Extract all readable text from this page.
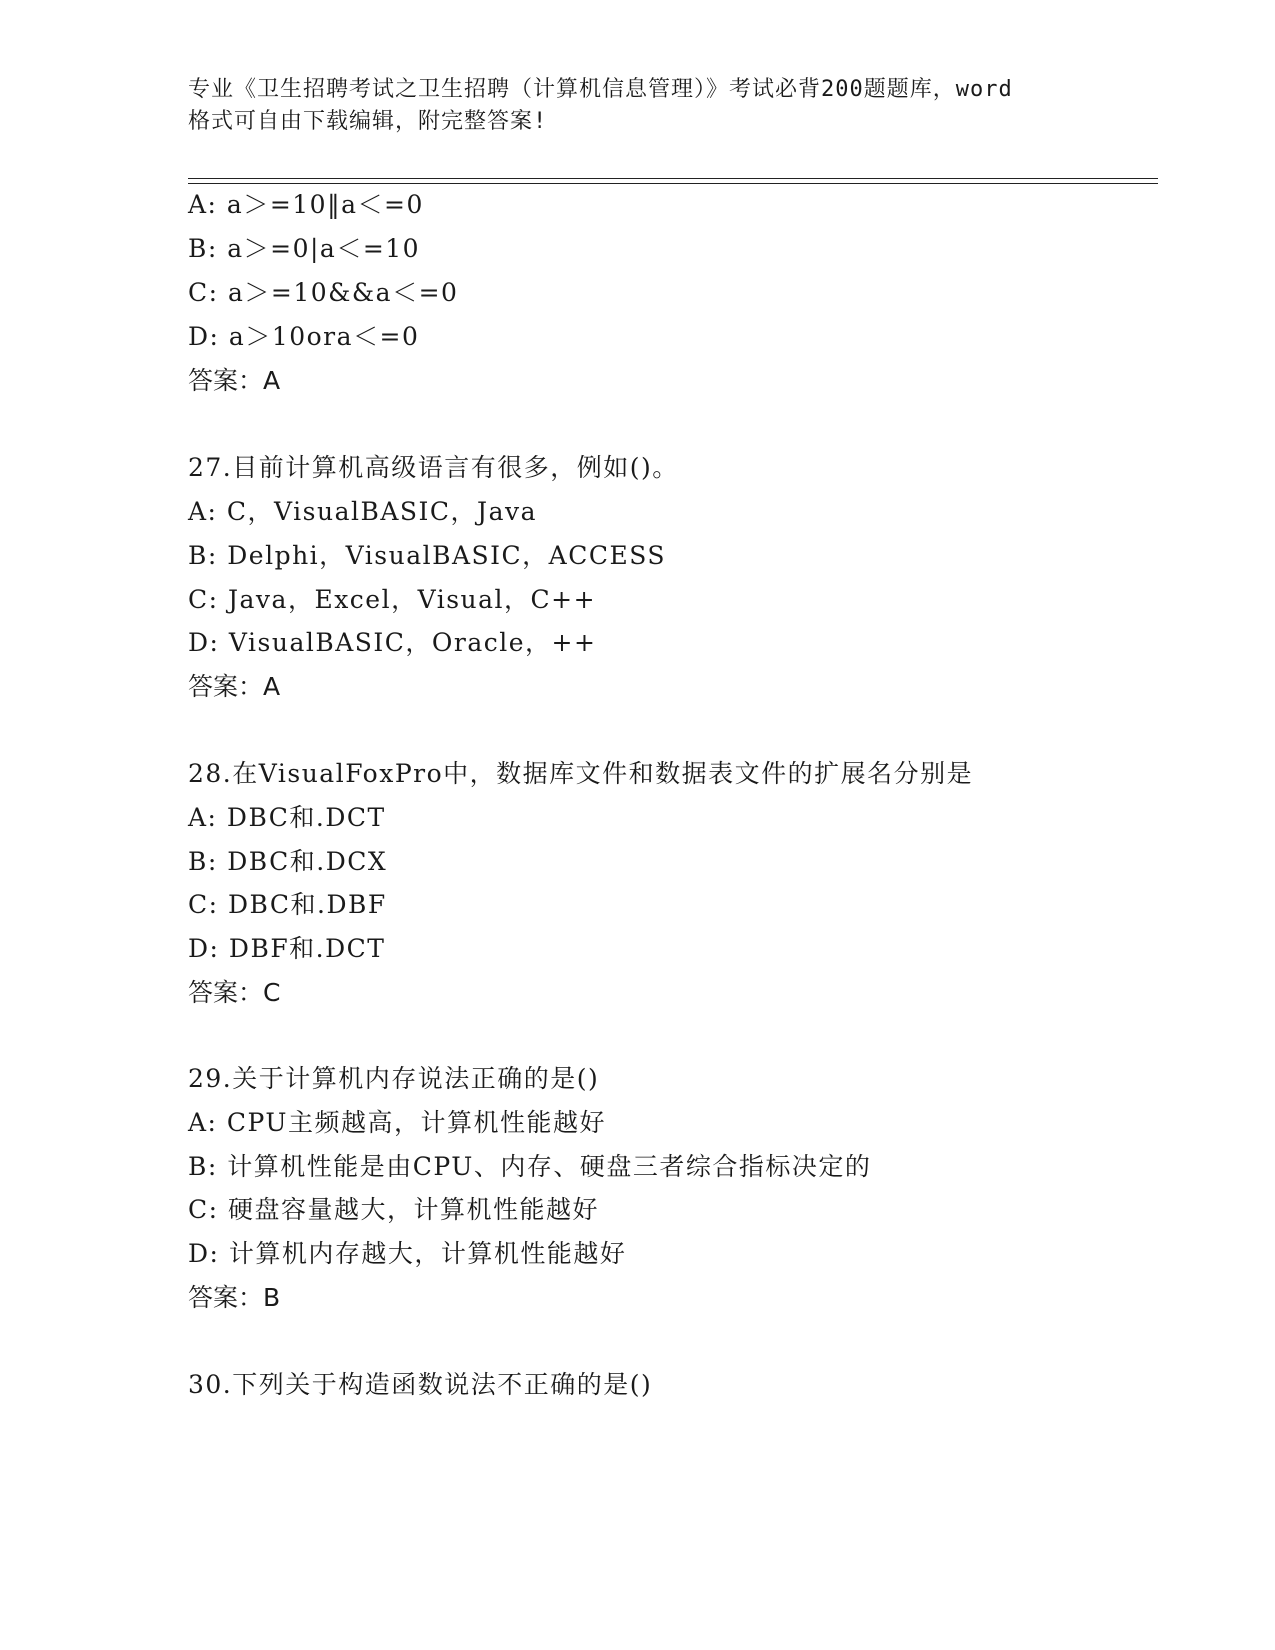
专业《卫生招聘考试之卫生招聘（计算机信息管理）》考试必背200题题库，word
格式可自由下载编辑，附完整答案!
A: a＞=10‖a＜=0
B: a＞=0|a＜=10
C: a＞=10&&a＜=0
D: a＞10ora＜=0
答案：A
27.目前计算机高级语言有很多，例如()。
A: C，VisualBASIC，Java
B: Delphi，VisualBASIC，ACCESS
C: Java，Excel，Visual，C++
D: VisualBASIC，Oracle，++
答案：A
28.在VisualFoxPro中，数据库文件和数据表文件的扩展名分别是
A: DBC和.DCT
B: DBC和.DCX
C: DBC和.DBF
D: DBF和.DCT
答案：C
29.关于计算机内存说法正确的是()
A: CPU主频越高，计算机性能越好
B: 计算机性能是由CPU、内存、硬盘三者综合指标决定的
C: 硬盘容量越大，计算机性能越好
D: 计算机内存越大，计算机性能越好
答案：B
30.下列关于构造函数说法不正确的是()
